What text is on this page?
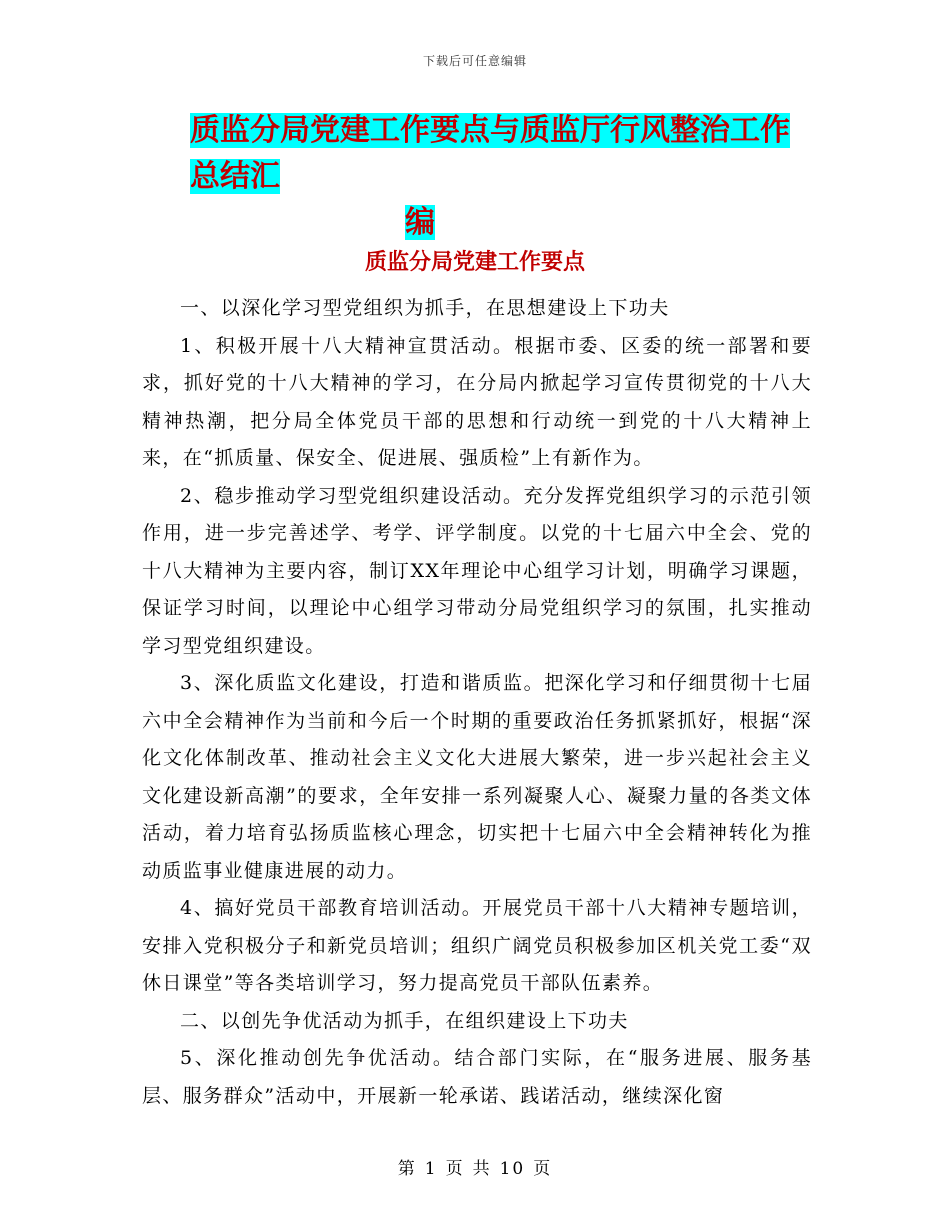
下载后可任意编辑
质监分局党建工作要点与质监厅行风整治工作总结汇
编
质监分局党建工作要点

一、以深化学习型党组织为抓手，在思想建设上下功夫

1、积极开展十八大精神宣贯活动。根据市委、区委的统一部署和要求，抓好党的十八大精神的学习，在分局内掀起学习宣传贯彻党的十八大精神热潮，把分局全体党员干部的思想和行动统一到党的十八大精神上来，在“抓质量、保安全、促进展、强质检”上有新作为。

2、稳步推动学习型党组织建设活动。充分发挥党组织学习的示范引领作用，进一步完善述学、考学、评学制度。以党的十七届六中全会、党的十八大精神为主要内容，制订XX年理论中心组学习计划，明确学习课题，保证学习时间，以理论中心组学习带动分局党组织学习的氛围，扎实推动学习型党组织建设。

3、深化质监文化建设，打造和谐质监。把深化学习和仔细贯彻十七届六中全会精神作为当前和今后一个时期的重要政治任务抓紧抓好，根据“深化文化体制改革、推动社会主义文化大进展大繁荣，进一步兴起社会主义文化建设新高潮”的要求，全年安排一系列凝聚人心、凝聚力量的各类文体活动，着力培育弘扬质监核心理念，切实把十七届六中全会精神转化为推动质监事业健康进展的动力。

4、搞好党员干部教育培训活动。开展党员干部十八大精神专题培训，安排入党积极分子和新党员培训；组织广阔党员积极参加区机关党工委“双休日课堂”等各类培训学习，努力提高党员干部队伍素养。

二、以创先争优活动为抓手，在组织建设上下功夫

5、深化推动创先争优活动。结合部门实际，在“服务进展、服务基层、服务群众”活动中，开展新一轮承诺、践诺活动，继续深化窗

第 1 页 共 10 页
